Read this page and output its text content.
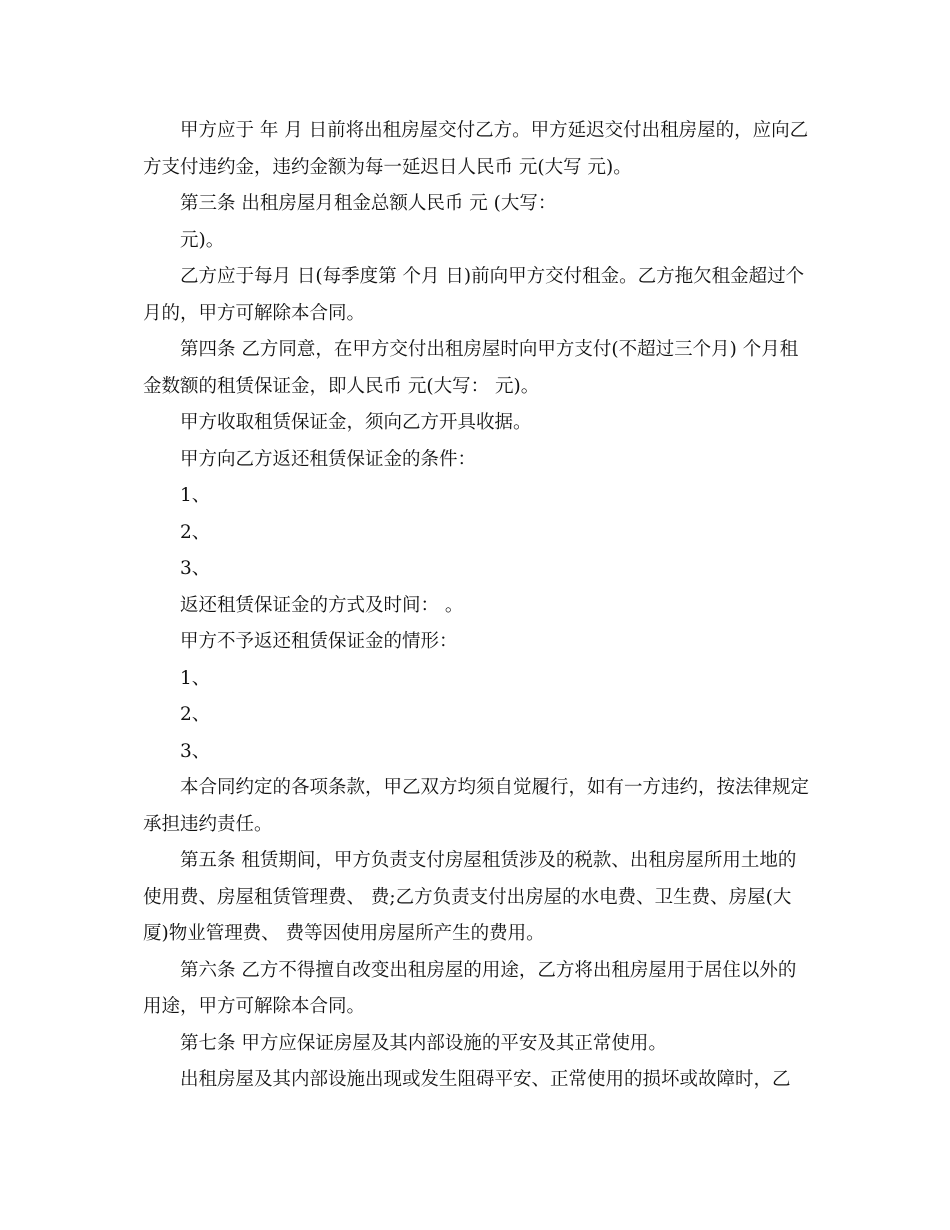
甲方应于 年 月 日前将出租房屋交付乙方。甲方延迟交付出租房屋的，应向乙方支付违约金，违约金额为每一延迟日人民币 元(大写 元)。

第三条 出租房屋月租金总额人民币 元 (大写：

元)。

乙方应于每月 日(每季度第 个月 日)前向甲方交付租金。乙方拖欠租金超过个月的，甲方可解除本合同。

第四条 乙方同意，在甲方交付出租房屋时向甲方支付(不超过三个月) 个月租金数额的租赁保证金，即人民币 元(大写： 元)。

甲方收取租赁保证金，须向乙方开具收据。

甲方向乙方返还租赁保证金的条件：

1、

2、

3、

返还租赁保证金的方式及时间： 。

甲方不予返还租赁保证金的情形：

1、

2、

3、

本合同约定的各项条款，甲乙双方均须自觉履行，如有一方违约，按法律规定承担违约责任。

第五条 租赁期间，甲方负责支付房屋租赁涉及的税款、出租房屋所用土地的使用费、房屋租赁管理费、 费;乙方负责支付出房屋的水电费、卫生费、房屋(大厦)物业管理费、 费等因使用房屋所产生的费用。

第六条 乙方不得擅自改变出租房屋的用途，乙方将出租房屋用于居住以外的用途，甲方可解除本合同。

第七条 甲方应保证房屋及其内部设施的平安及其正常使用。

出租房屋及其内部设施出现或发生阻碍平安、正常使用的损坏或故障时，乙
